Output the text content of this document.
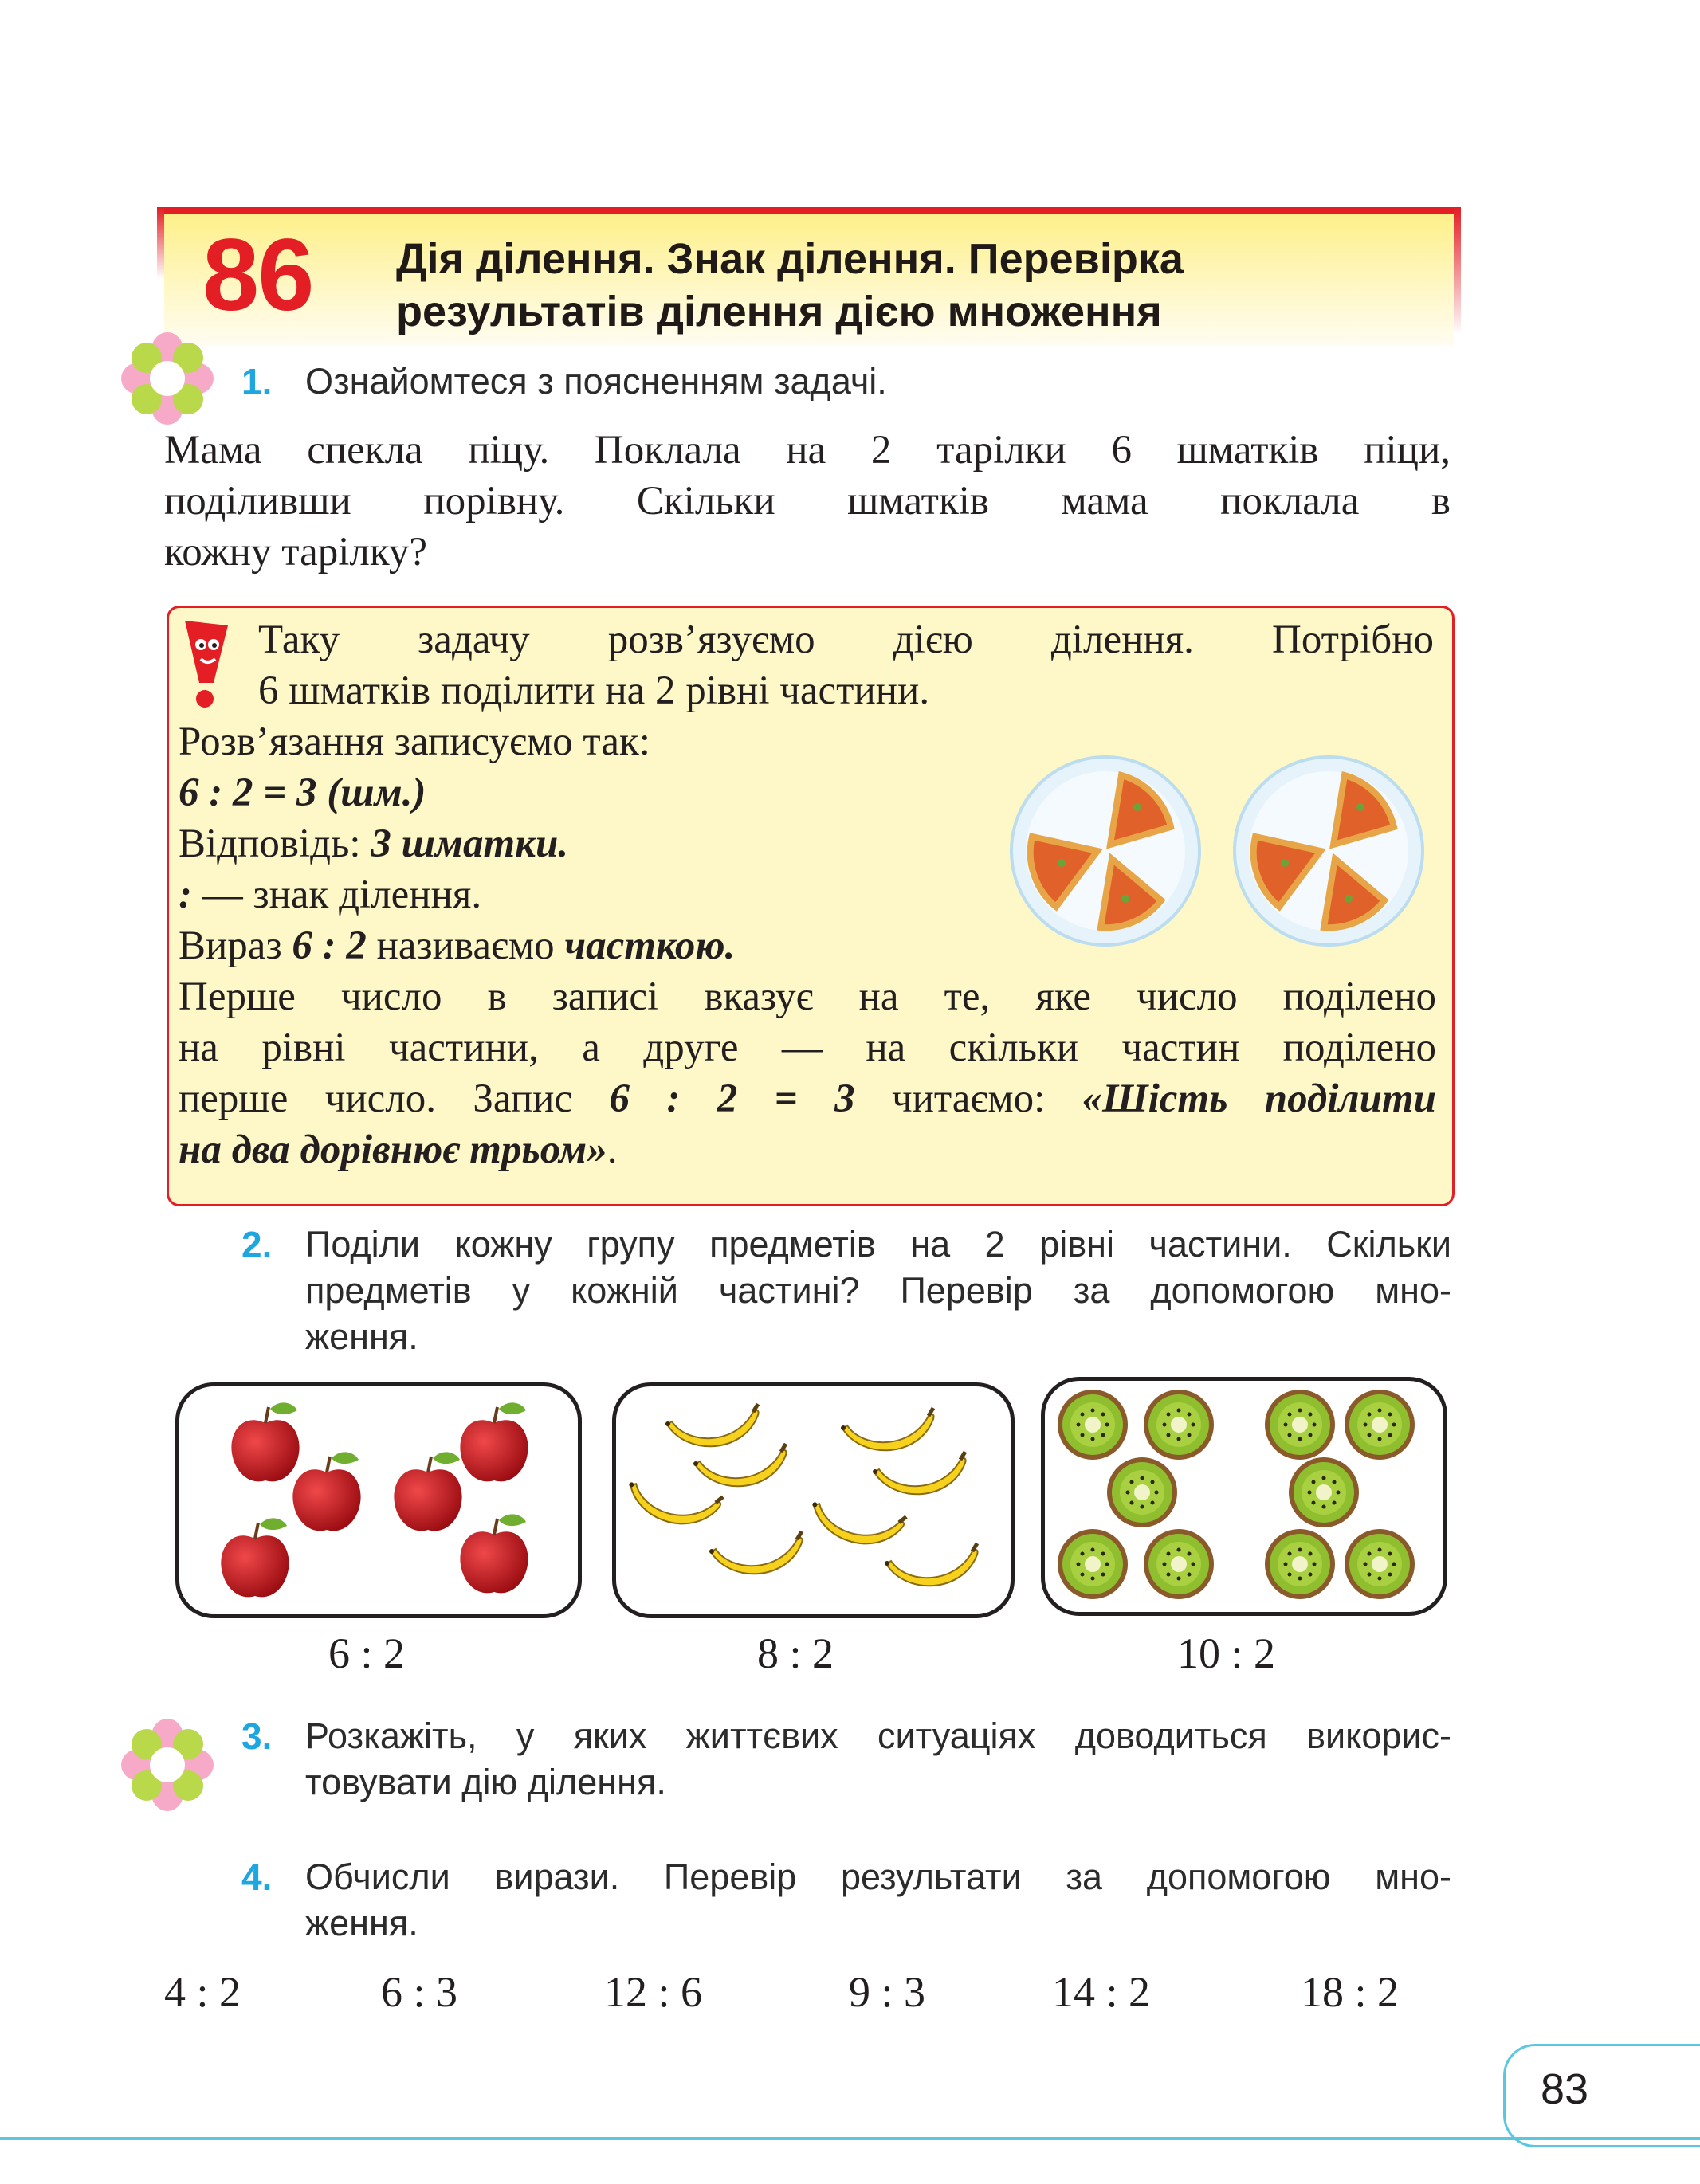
86 Дія ділення. Знак ділення. Перевірка
результатів ділення дією множення
1. Ознайомтеся з поясненням задачі.
Мама спекла піцу. Поклала на 2 тарілки 6 шматків піци,
поділивши порівну. Скільки шматків мама поклала в
кожну тарілку?
Таку задачу розв’язуємо дією ділення. Потрібно
6 шматків поділити на 2 рівні частини.
Розв’язання записуємо так:
6 : 2 = 3 (шм.)
Відповідь: 3 шматки.
: — знак ділення.
Вираз 6 : 2 називаємо часткою.
Перше число в записі вказує на те, яке число поділено
на рівні частини, а друге — на скільки частин поділено
перше число. Запис 6 : 2 = 3 читаємо: «Шість поділити
на два дорівнює трьом».
2. Поділи кожну групу предметів на 2 рівні частини. Скільки
предметів у кожній частині? Перевір за допомогою мно-
ження.
6 : 2	8 : 2	10 : 2
3. Розкажіть, у яких життєвих ситуаціях доводиться викорис-
товувати дію ділення.
4. Обчисли вирази. Перевір результати за допомогою мно-
ження.
4 : 2	6 : 3	12 : 6	9 : 3	14 : 2	18 : 2
83
